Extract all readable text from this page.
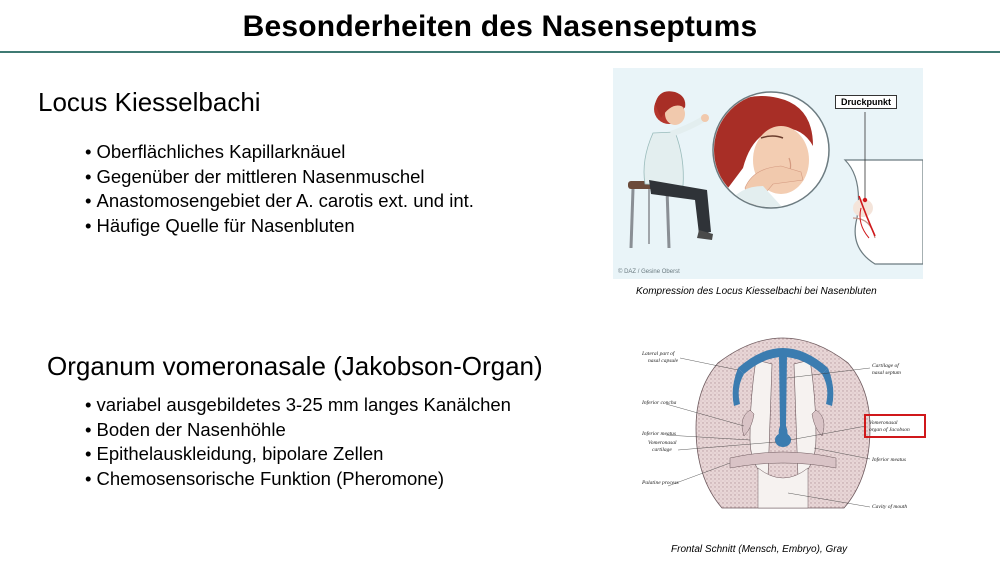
Besonderheiten des Nasenseptums
Locus Kiesselbachi
• Oberflächliches Kapillarknäuel
• Gegenüber der mittleren Nasenmuschel
• Anastomosengebiet der A. carotis ext. und int.
• Häufige Quelle für Nasenbluten
Organum vomeronasale (Jakobson-Organ)
• variabel ausgebildetes 3-25 mm langes Kanälchen
• Boden der Nasenhöhle
• Epithelauskleidung, bipolare Zellen
• Chemosensorische Funktion (Pheromone)
Druckpunkt
© DAZ / Gesine Oberst
Kompression des Locus Kiesselbachi bei Nasenbluten
Lateral part of
nasal capsule
Inferior concha
Inferior meatus
Vomeronasal
cartilage
Palatine process
Cartilage of
nasal septum
Vomeronasal
organ of Jacobson
Inferior meatus
Cavity of mouth
Frontal Schnitt (Mensch, Embryo), Gray
